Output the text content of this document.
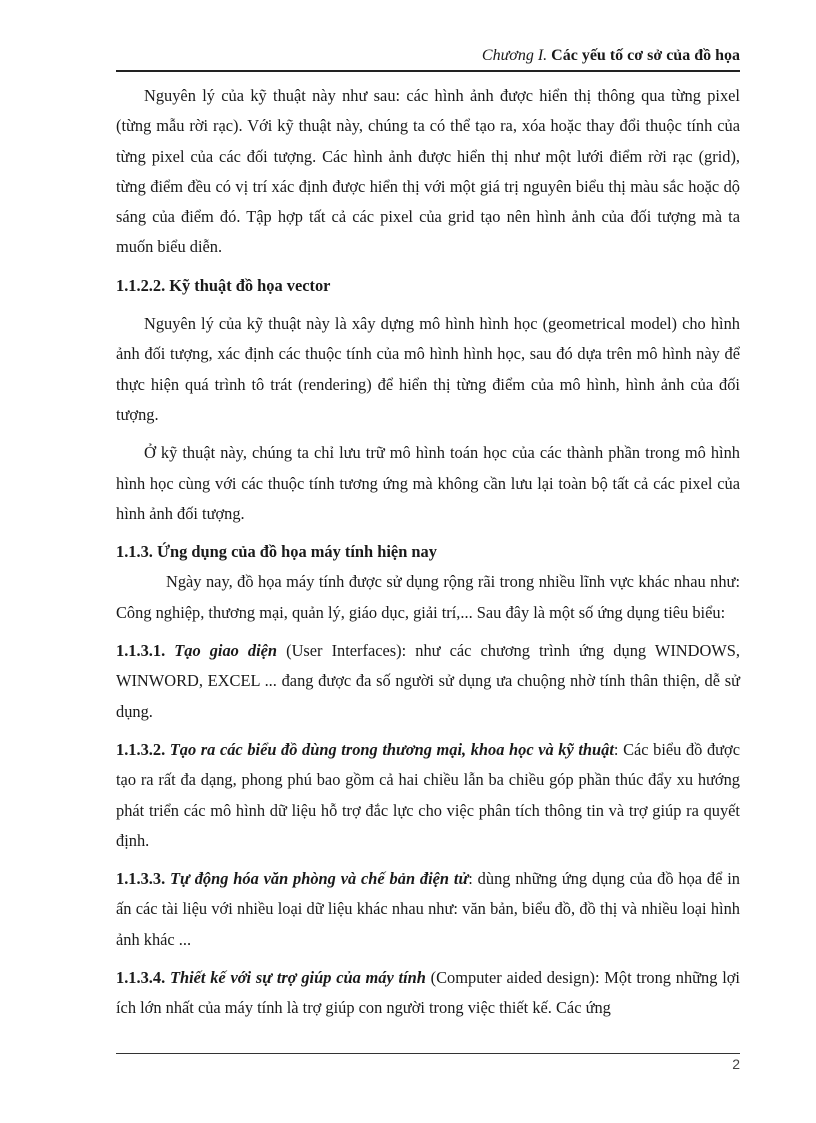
Chương I. Các yếu tố cơ sở của đồ họa

Nguyên lý của kỹ thuật này như sau: các hình ảnh được hiển thị thông qua từng pixel (từng mẫu rời rạc). Với kỹ thuật này, chúng ta có thể tạo ra, xóa hoặc thay đổi thuộc tính của từng pixel của các đối tượng. Các hình ảnh được hiển thị như một lưới điểm rời rạc (grid), từng điểm đều có vị trí xác định được hiển thị với một giá trị nguyên biểu thị màu sắc hoặc dộ sáng của điểm đó. Tập hợp tất cả các pixel của grid tạo nên hình ảnh của đối tượng mà ta muốn biểu diễn.

1.1.2.2. Kỹ thuật đồ họa vector

Nguyên lý của kỹ thuật này là xây dựng mô hình hình học (geometrical model) cho hình ảnh đối tượng, xác định các thuộc tính của mô hình hình học, sau đó dựa trên mô hình này để thực hiện quá trình tô trát (rendering) để hiển thị từng điểm của mô hình, hình ảnh của đối tượng.

Ở kỹ thuật này, chúng ta chỉ lưu trữ mô hình toán học của các thành phần trong mô hình hình học cùng với các thuộc tính tương ứng mà không cần lưu lại toàn bộ tất cả các pixel của hình ảnh đối tượng.

1.1.3. Ứng dụng của đồ họa máy tính hiện nay

Ngày nay, đồ họa máy tính được sử dụng rộng rãi trong nhiều lĩnh vực khác nhau như: Công nghiệp, thương mại, quản lý, giáo dục, giải trí,... Sau đây là một số ứng dụng tiêu biểu:

1.1.3.1. Tạo giao diện (User Interfaces): như các chương trình ứng dụng WINDOWS, WINWORD, EXCEL ... đang được đa số người sử dụng ưa chuộng nhờ tính thân thiện, dễ sử dụng.

1.1.3.2. Tạo ra các biểu đồ dùng trong thương mại, khoa học và kỹ thuật: Các biểu đồ được tạo ra rất đa dạng, phong phú bao gồm cả hai chiều lẫn ba chiều góp phần thúc đẩy xu hướng phát triển các mô hình dữ liệu hỗ trợ đắc lực cho việc phân tích thông tin và trợ giúp ra quyết định.

1.1.3.3. Tự động hóa văn phòng và chế bản điện tử: dùng những ứng dụng của đồ họa để in ấn các tài liệu với nhiều loại dữ liệu khác nhau như: văn bản, biểu đồ, đồ thị và nhiều loại hình ảnh khác ...

1.1.3.4. Thiết kế với sự trợ giúp của máy tính (Computer aided design): Một trong những lợi ích lớn nhất của máy tính là trợ giúp con người trong việc thiết kế. Các ứng

2
